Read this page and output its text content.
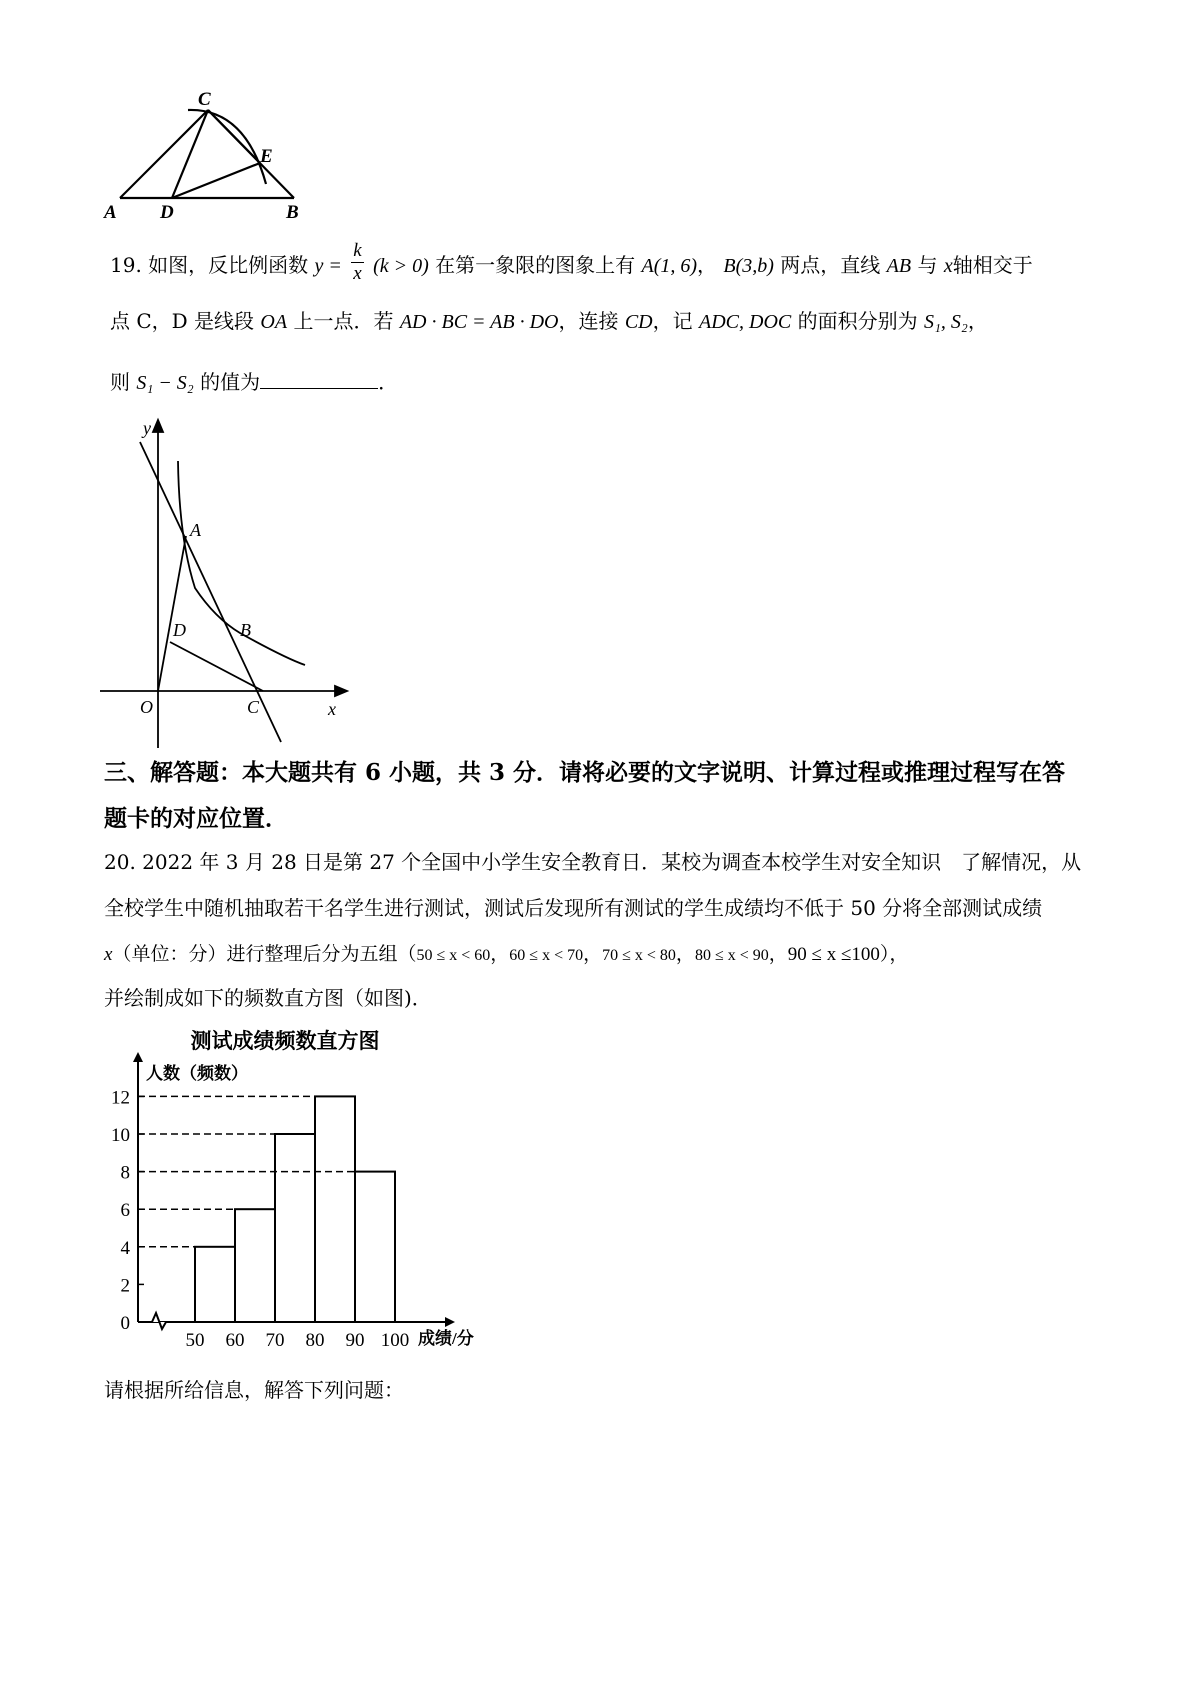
A D	B
C
E
19. 如图，反比例函数 $y = \frac{k}{x} (k > 0)$ 在第一象限的图象上有 A(1, 6)， B(3,b) 两点，直线 AB 与 x轴相交于
点 C，D 是线段 OA 上一点．若 AD · BC = AB · DO，连接 CD，记 ADC, DOC 的面积分别为 S₁, S₂，
则 S₁ − S₂ 的值为	．
y
A
D	B
O	C	x
三、解答题：本大题共有 6 小题，共 3 分．请将必要的文字说明、计算过程或推理过程写在答
题卡的对应位置．
20. 2022 年 3 月 28 日是第 27 个全国中小学生安全教育日．某校为调查本校学生对安全知识　了解情况，从
全校学生中随机抽取若干名学生进行测试，测试后发现所有测试的学生成绩均不低于 50 分将全部测试成绩
x（单位：分）进行整理后分为五组（50 ≤ x < 60，60 ≤ x < 70，70 ≤ x < 80，80 ≤ x < 90，90 ≤ x ≤100），
并绘制成如下的频数直方图（如图)．
测试成绩频数直方图
人数（频数）
成绩/分
0
2
4
6
8
10
12
50 60 70 80 90 100
请根据所给信息，解答下列问题：
